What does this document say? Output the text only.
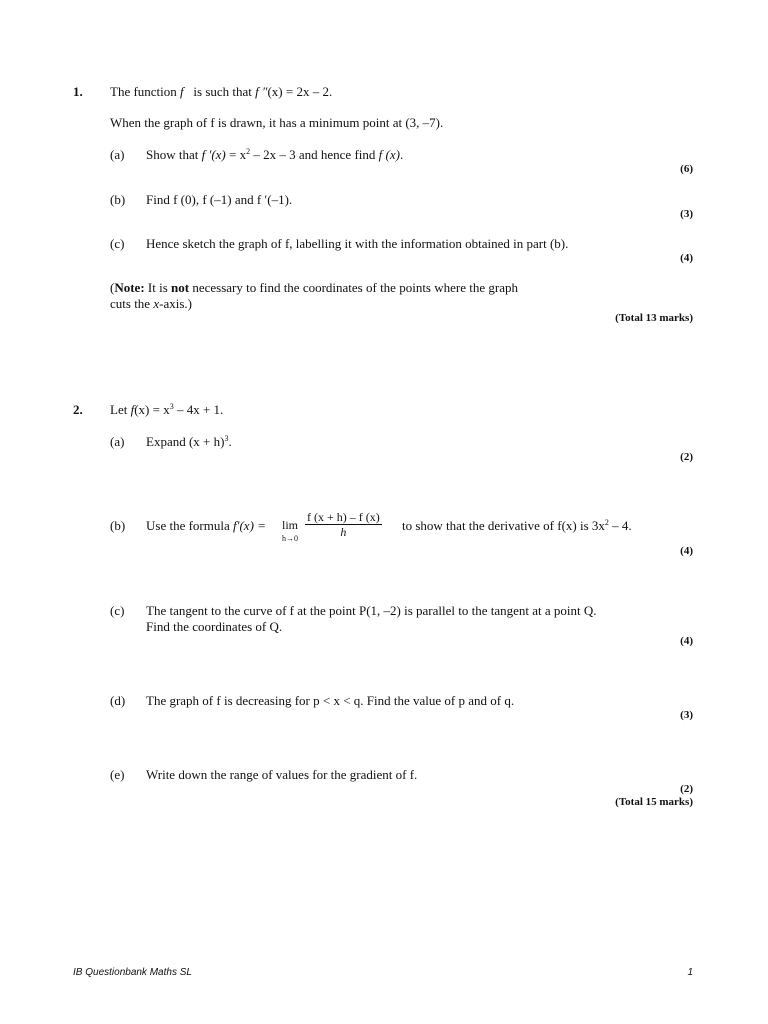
1. The function f is such that f ″(x) = 2x – 2.
When the graph of f is drawn, it has a minimum point at (3, –7).
(a) Show that f $'(x) = x^2 - 2x - 3$ and hence find f (x).
(6)
(b) Find f (0), f (–1) and f ′(–1).
(3)
(c) Hence sketch the graph of f, labelling it with the information obtained in part (b).
(4)
(Note: It is not necessary to find the coordinates of the points where the graph
cuts the x-axis.)
(Total 13 marks)
2. Let $f(x) = x^3 - 4x + 1$.
(a) Expand $(x + h)^3$.
(2)
(b) Use the formula f′(x) = lim
$h\to 0 \frac{f (x + h) - f (x)}{h}$ to show that the derivative of f(x) is $3x^2 - 4$.
(4)
(c) The tangent to the curve of f at the point P(1, –2) is parallel to the tangent at a point Q.
Find the coordinates of Q.
(4)
(d) The graph of f is decreasing for p < x < q. Find the value of p and of q.
(3)
(e) Write down the range of values for the gradient of f.
(2)
(Total 15 marks)
IB Questionbank Maths SL	1
